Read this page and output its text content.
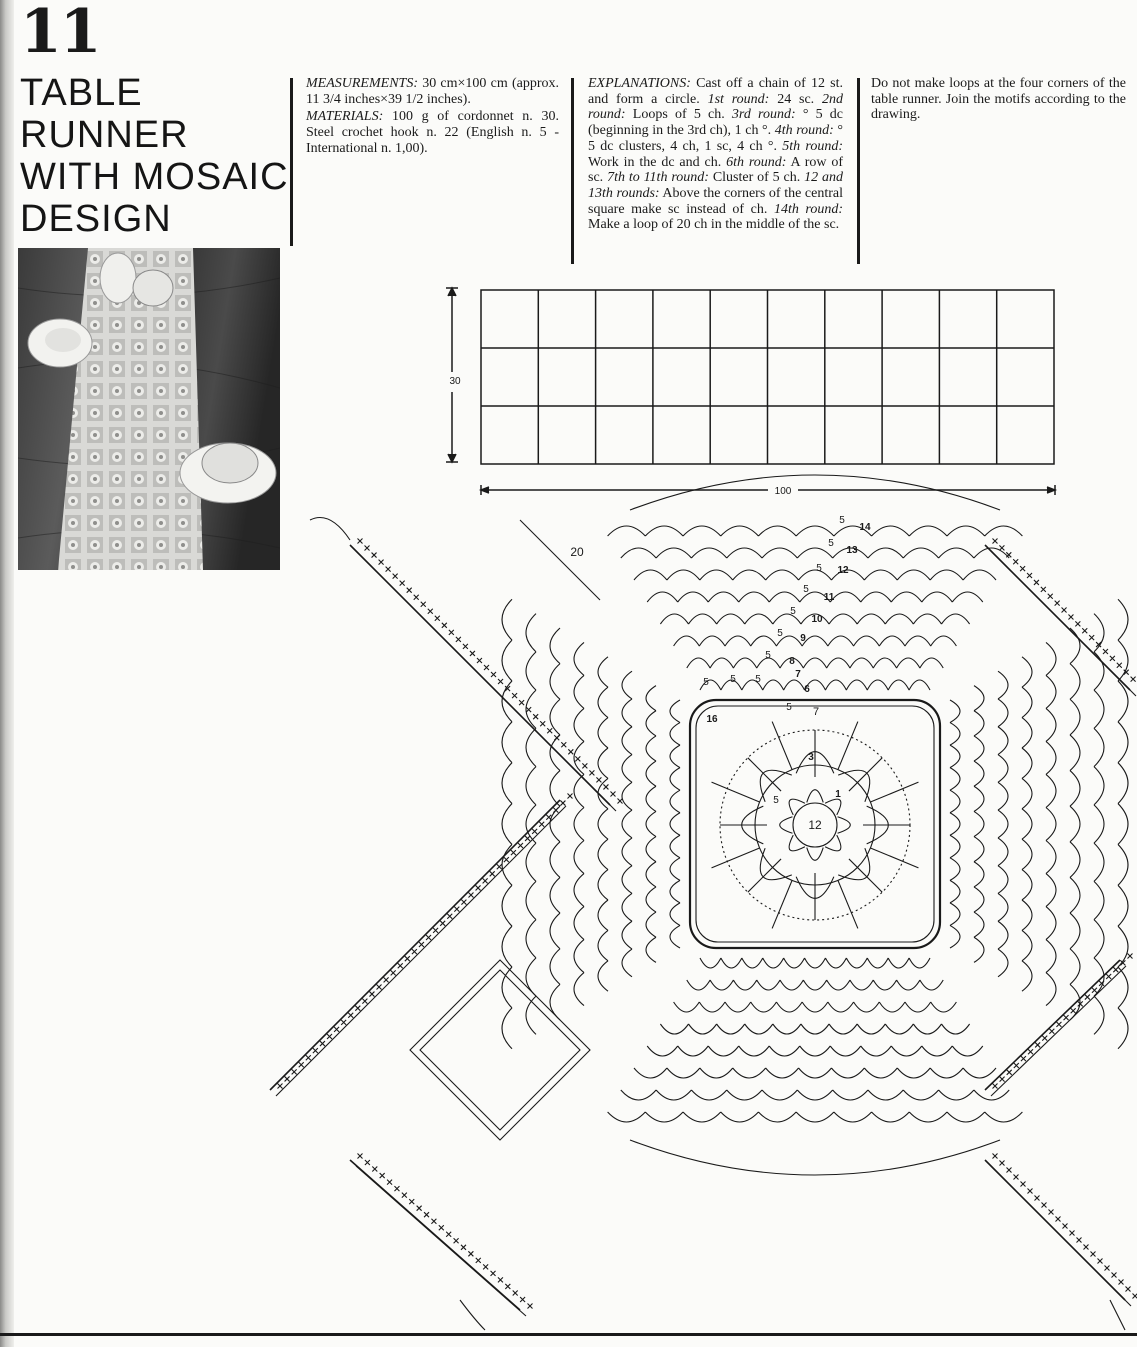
11
TABLE
RUNNER
WITH MOSAIC
DESIGN
MEASUREMENTS: 30 cm×100 cm (approx. 11 3/4 inches×39 1/2 inches).
MATERIALS: 100 g of cordonnet n. 30. Steel crochet hook n. 22 (English n. 5 - International n. 1,00).
EXPLANATIONS: Cast off a chain of 12 st. and form a circle. 1st round: 24 sc. 2nd round: Loops of 5 ch. 3rd round: ° 5 dc (beginning in the 3rd ch), 1 ch °. 4th round: ° 5 dc clusters, 4 ch, 1 sc, 4 ch °. 5th round: Work in the dc and ch. 6th round: A row of sc. 7th to 11th round: Cluster of 5 ch. 12 and 13th rounds: Above the corners of the central square make sc instead of ch. 14th round: Make a loop of 20 ch in the middle of the sc.
Do not make loops at the four corners of the table runner. Join the motifs according to the drawing.
12
20
7
1
3
6
7
8
9
10
11
12
13
14
16
5
5
5
5
5
5
5
5 5 5
5
5
30
100
